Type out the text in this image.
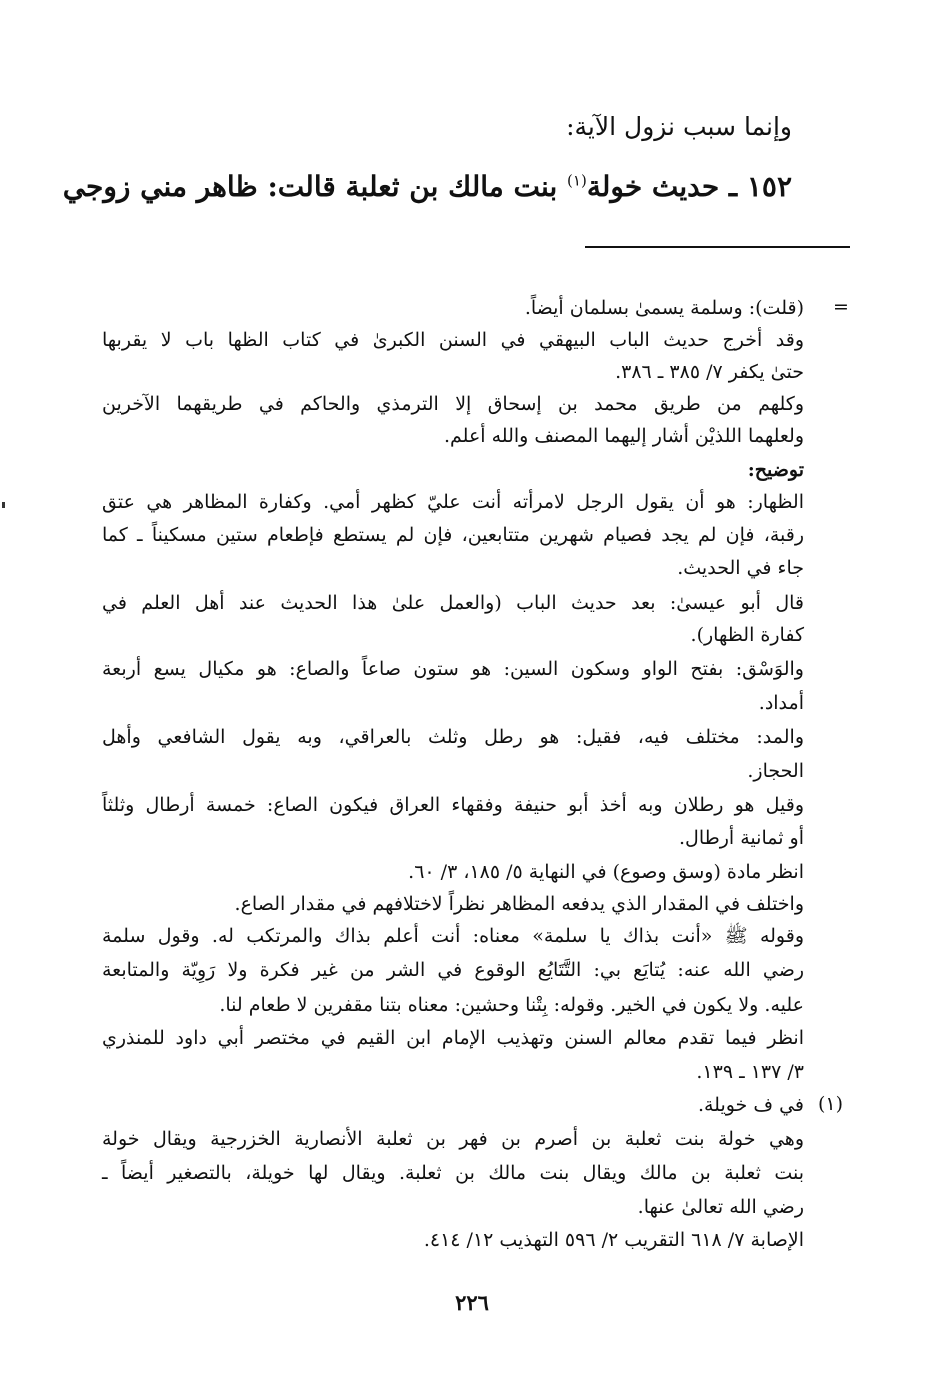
وإنما سبب نزول الآية:
١٥٢ ـ حديث خولة$^{(١)}$ بنت مالك بن ثعلبة قالت: ظاهر مني زوجي
=
(قلت): وسلمة يسمىٰ بسلمان أيضاً.
وقد أخرج حديث الباب البيهقي في السنن الكبرىٰ في كتاب الظها باب لا يقربها
حتىٰ يكفر ٧/ ٣٨٥ ـ ٣٨٦.
وكلهم من طريق محمد بن إسحاق إلا الترمذي والحاكم في طريقهما الآخرين
ولعلهما اللذيْن أشار إليهما المصنف والله أعلم.
توضيح:
الظهار: هو أن يقول الرجل لامرأته أنت عليّ كظهر أمي. وكفارة المظاهر هي عتق
رقبة، فإن لم يجد فصيام شهرين متتابعين، فإن لم يستطع فإطعام ستين مسكيناً ـ كما
جاء في الحديث.
قال أبو عيسىٰ: بعد حديث الباب (والعمل علىٰ هذا الحديث عند أهل العلم في
كفارة الظهار).
والوَسْق: بفتح الواو وسكون السين: هو ستون صاعاً والصاع: هو مكيال يسع أربعة
أمداد.
والمد: مختلف فيه، فقيل: هو رطل وثلث بالعراقي، وبه يقول الشافعي وأهل
الحجاز.
وقيل هو رطلان وبه أخذ أبو حنيفة وفقهاء العراق فيكون الصاع: خمسة أرطال وثلثاً
أو ثمانية أرطال.
انظر مادة (وسق وصوع) في النهاية ٥/ ١٨٥، ٣/ ٦٠.
واختلف في المقدار الذي يدفعه المظاهر نظراً لاختلافهم في مقدار الصاع.
وقوله ﷺ «أنت بذاك يا سلمة» معناه: أنت أعلم بذاك والمرتكب له. وقول سلمة
رضي الله عنه: يُتايَع بي: التَّتَايُع الوقوع في الشر من غير فكرة ولا رَوِيّة والمتابعة
عليه. ولا يكون في الخير. وقوله: بِتْنا وحشين: معناه بتنا مقفرين لا طعام لنا.
انظر فيما تقدم معالم السنن وتهذيب الإمام ابن القيم في مختصر أبي داود للمنذري
٣/ ١٣٧ ـ ١٣٩.
(١)
في ف خويلة.
وهي خولة بنت ثعلبة بن أصرم بن فهر بن ثعلبة الأنصارية الخزرجية ويقال خولة
بنت ثعلبة بن مالك ويقال بنت مالك بن ثعلبة. ويقال لها خويلة، بالتصغير أيضاً ـ
رضي الله تعالىٰ عنها.
الإصابة ٧/ ٦١٨ التقريب ٢/ ٥٩٦ التهذيب ١٢/ ٤١٤.
٢٢٦
